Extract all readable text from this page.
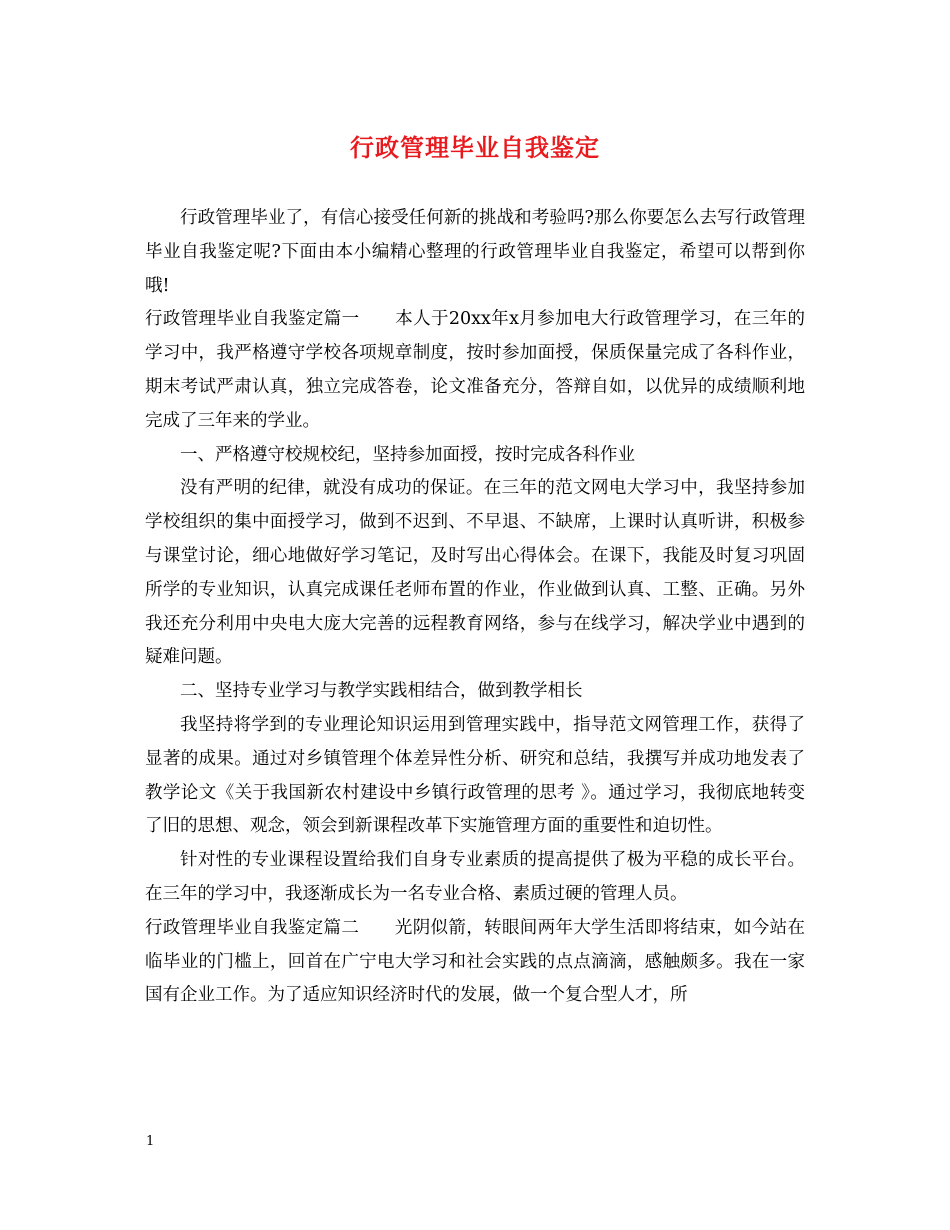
行政管理毕业自我鉴定

行政管理毕业了，有信心接受任何新的挑战和考验吗?那么你要怎么去写行政管理毕业自我鉴定呢?下面由本小编精心整理的行政管理毕业自我鉴定，希望可以帮到你哦!

行政管理毕业自我鉴定篇一　　本人于20xx年x月参加电大行政管理学习，在三年的学习中，我严格遵守学校各项规章制度，按时参加面授，保质保量完成了各科作业，期末考试严肃认真，独立完成答卷，论文准备充分，答辩自如，以优异的成绩顺利地完成了三年来的学业。

一、严格遵守校规校纪，坚持参加面授，按时完成各科作业

没有严明的纪律，就没有成功的保证。在三年的范文网电大学习中，我坚持参加学校组织的集中面授学习，做到不迟到、不早退、不缺席，上课时认真听讲，积极参与课堂讨论，细心地做好学习笔记，及时写出心得体会。在课下，我能及时复习巩固所学的专业知识，认真完成课任老师布置的作业，作业做到认真、工整、正确。另外我还充分利用中央电大庞大完善的远程教育网络，参与在线学习，解决学业中遇到的疑难问题。

二、坚持专业学习与教学实践相结合，做到教学相长

我坚持将学到的专业理论知识运用到管理实践中，指导范文网管理工作，获得了显著的成果。通过对乡镇管理个体差异性分析、研究和总结，我撰写并成功地发表了教学论文《关于我国新农村建设中乡镇行政管理的思考 》。通过学习，我彻底地转变了旧的思想、观念，领会到新课程改革下实施管理方面的重要性和迫切性。

针对性的专业课程设置给我们自身专业素质的提高提供了极为平稳的成长平台。在三年的学习中，我逐渐成长为一名专业合格、素质过硬的管理人员。

行政管理毕业自我鉴定篇二　　光阴似箭，转眼间两年大学生活即将结束，如今站在临毕业的门槛上，回首在广宁电大学习和社会实践的点点滴滴，感触颇多。我在一家国有企业工作。为了适应知识经济时代的发展，做一个复合型人才，所

1
